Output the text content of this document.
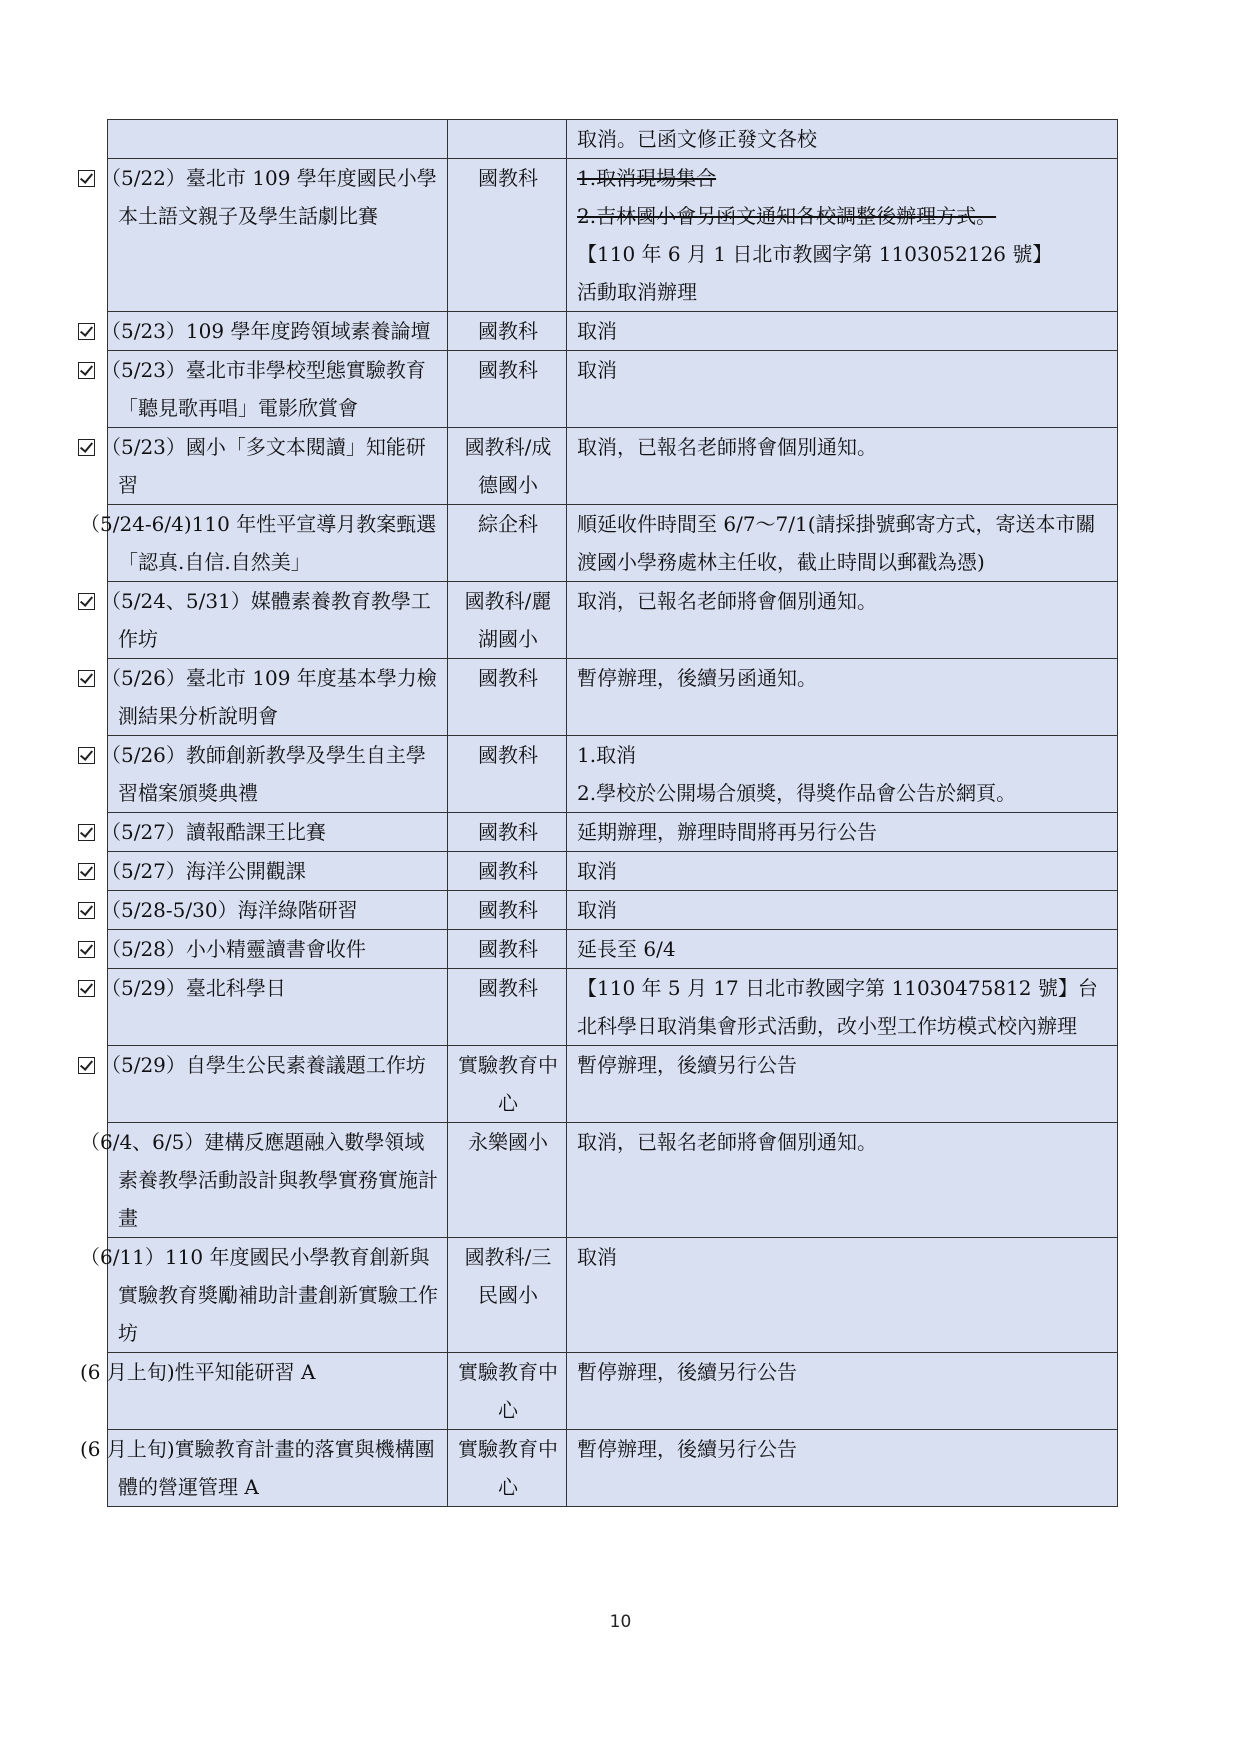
		取消。已函文修正發文各校
（5/22）臺北市 109 學年度國民小學本土語文親子及學生話劇比賽	國教科	1.取消現場集合
2.吉林國小會另函文通知各校調整後辦理方式。
【110 年 6 月 1 日北市教國字第 1103052126 號】
活動取消辦理

（5/23）109 學年度跨領域素養論壇	國教科	取消
（5/23）臺北市非學校型態實驗教育「聽見歌再唱」電影欣賞會	國教科	取消
（5/23）國小「多文本閱讀」知能研習	國教科/成德國小	取消，已報名老師將會個別通知。
（5/24-6/4)110 年性平宣導月教案甄選「認真.自信.自然美」	綜企科	順延收件時間至 6/7～7/1(請採掛號郵寄方式，寄送本市關渡國小學務處林主任收，截止時間以郵戳為憑)
（5/24、5/31）媒體素養教育教學工作坊	國教科/麗湖國小	取消，已報名老師將會個別通知。
（5/26）臺北市 109 年度基本學力檢測結果分析說明會	國教科	暫停辦理，後續另函通知。
（5/26）教師創新教學及學生自主學習檔案頒獎典禮	國教科	1.取消
2.學校於公開場合頒獎，得獎作品會公告於網頁。

（5/27）讀報酷課王比賽	國教科	延期辦理，辦理時間將再另行公告
（5/27）海洋公開觀課	國教科	取消
（5/28-5/30）海洋綠階研習	國教科	取消
（5/28）小小精靈讀書會收件	國教科	延長至 6/4
（5/29）臺北科學日	國教科	【110 年 5 月 17 日北市教國字第 11030475812 號】台北科學日取消集會形式活動，改小型工作坊模式校內辦理
（5/29）自學生公民素養議題工作坊	實驗教育中心	暫停辦理，後續另行公告
（6/4、6/5）建構反應題融入數學領域素養教學活動設計與教學實務實施計畫	永樂國小	取消，已報名老師將會個別通知。
（6/11）110 年度國民小學教育創新與實驗教育獎勵補助計畫創新實驗工作坊	國教科/三民國小	取消
(6 月上旬)性平知能研習 A	實驗教育中心	暫停辦理，後續另行公告
(6 月上旬)實驗教育計畫的落實與機構團體的營運管理 A	實驗教育中心	暫停辦理，後續另行公告
10
